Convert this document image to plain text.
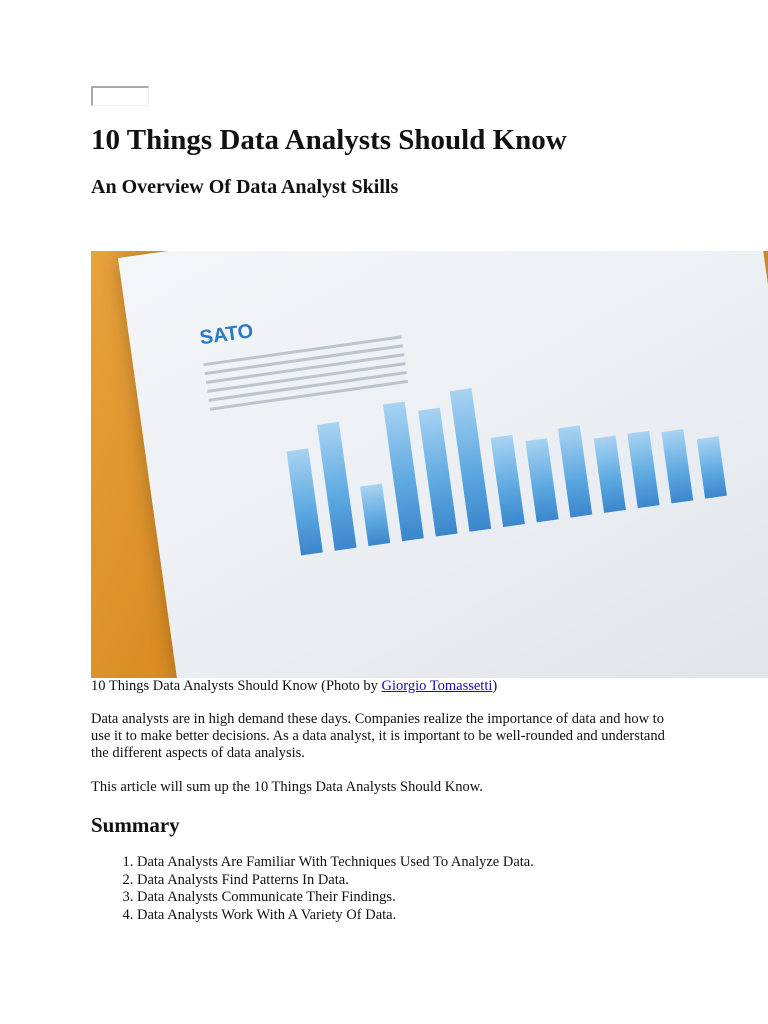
10 Things Data Analysts Should Know
An Overview Of Data Analyst Skills
SATO
10 Things Data Analysts Should Know (Photo by Giorgio Tomassetti)

Data analysts are in high demand these days. Companies realize the importance of data and how to use it to make better decisions. As a data analyst, it is important to be well-rounded and understand the different aspects of data analysis.

This article will sum up the 10 Things Data Analysts Should Know.

Summary
1. Data Analysts Are Familiar With Techniques Used To Analyze Data.
2. Data Analysts Find Patterns In Data.
3. Data Analysts Communicate Their Findings.
4. Data Analysts Work With A Variety Of Data.
